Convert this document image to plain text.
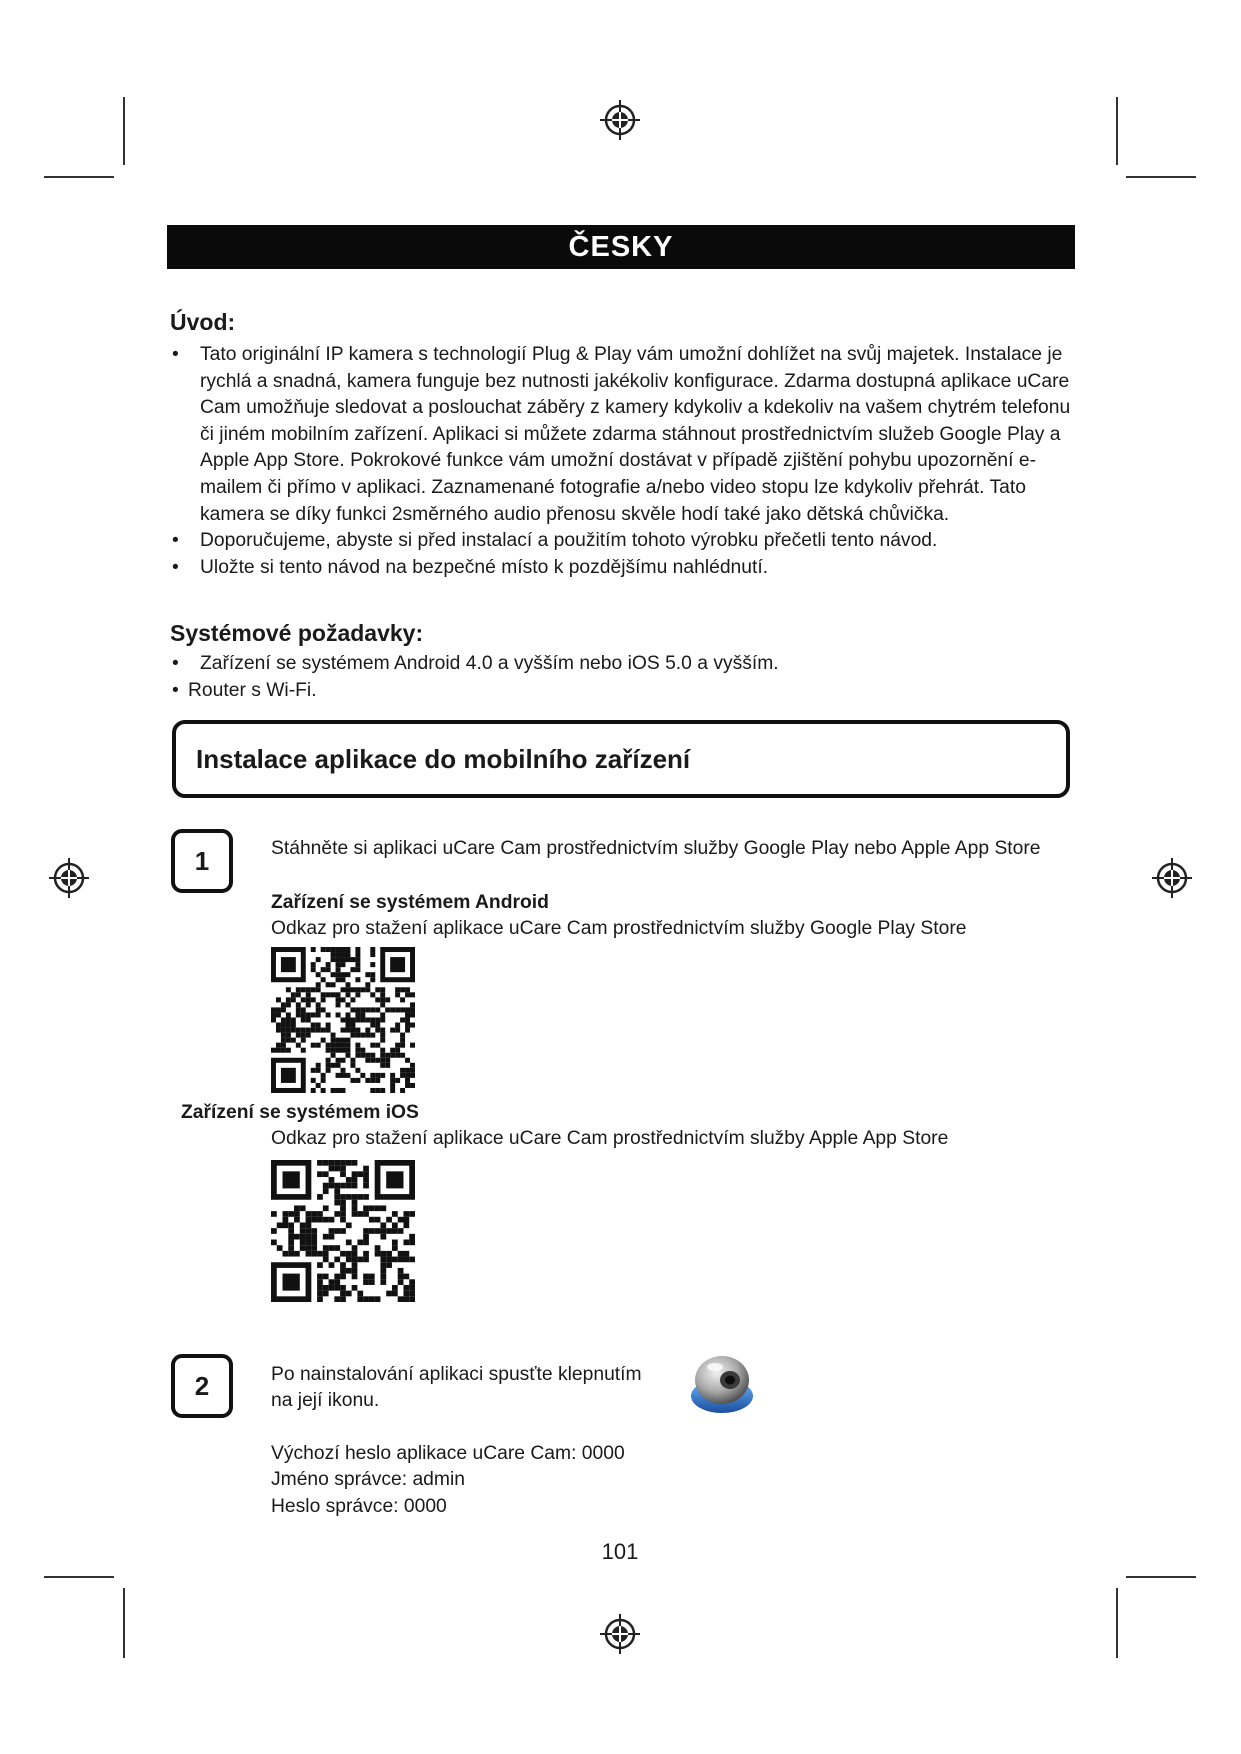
ČESKY
Úvod:
• Tato originální IP kamera s technologií Plug & Play vám umožní dohlížet na svůj majetek. Instalace je rychlá a snadná, kamera funguje bez nutnosti jakékoliv konfigurace. Zdarma dostupná aplikace uCare Cam umožňuje sledovat a poslouchat záběry z kamery kdykoliv a kdekoliv na vašem chytrém telefonu či jiném mobilním zařízení. Aplikaci si můžete zdarma stáhnout prostřednictvím služeb Google Play a Apple App Store. Pokrokové funkce vám umožní dostávat v případě zjištění pohybu upozornění e-mailem či přímo v aplikaci. Zaznamenané fotografie a/nebo video stopu lze kdykoliv přehrát. Tato kamera se díky funkci 2směrného audio přenosu skvěle hodí také jako dětská chůvička.
• Doporučujeme, abyste si před instalací a použitím tohoto výrobku přečetli tento návod.
• Uložte si tento návod na bezpečné místo k pozdějšímu nahlédnutí.
Systémové požadavky:
• Zařízení se systémem Android 4.0 a vyšším nebo iOS 5.0 a vyšším.
• Router s Wi-Fi.
Instalace aplikace do mobilního zařízení
1	Stáhněte si aplikaci uCare Cam prostřednictvím služby Google Play nebo Apple App Store
Zařízení se systémem Android
Odkaz pro stažení aplikace uCare Cam prostřednictvím služby Google Play Store
Zařízení se systémem iOS
Odkaz pro stažení aplikace uCare Cam prostřednictvím služby Apple App Store
2	Po nainstalování aplikaci spusťte klepnutím
na její ikonu.
Výchozí heslo aplikace uCare Cam: 0000
Jméno správce: admin
Heslo správce: 0000
101
